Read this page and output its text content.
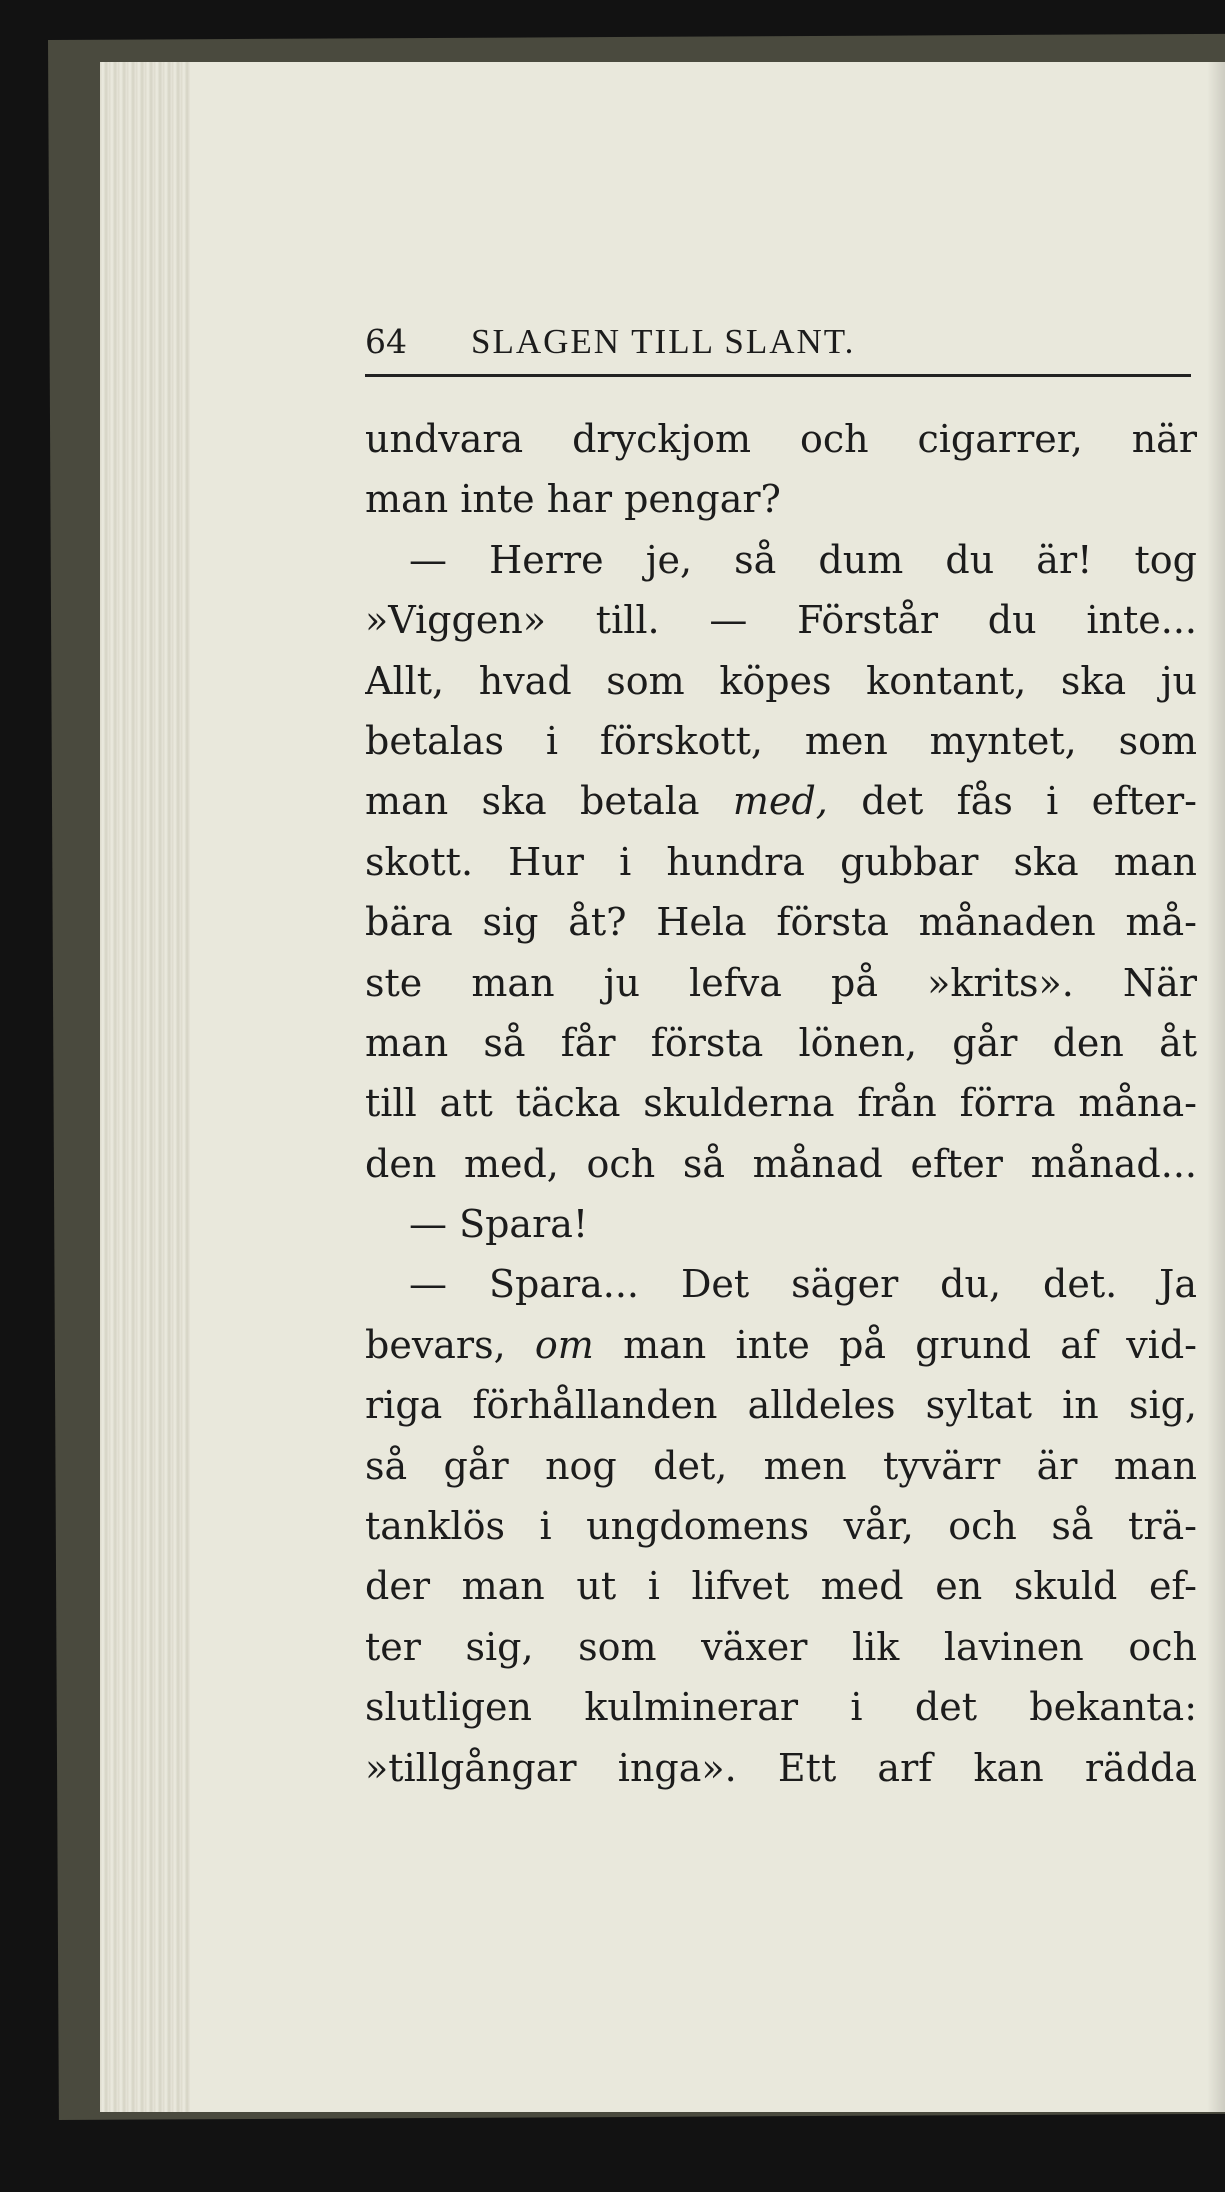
64	SLAGEN TILL SLANT.
undvara dryckjom och cigarrer, när
man inte har pengar?
— Herre je, så dum du är! tog
»Viggen» till. — Förstår du inte...
Allt, hvad som köpes kontant, ska ju
betalas i förskott, men myntet, som
man ska betala med, det fås i efter-
skott. Hur i hundra gubbar ska man
bära sig åt? Hela första månaden må-
ste man ju lefva på »krits». När
man så får första lönen, går den åt
till att täcka skulderna från förra måna-
den med, och så månad efter månad...
— Spara!
— Spara... Det säger du, det. Ja
bevars, om man inte på grund af vid-
riga förhållanden alldeles syltat in sig,
så går nog det, men tyvärr är man
tanklös i ungdomens vår, och så trä-
der man ut i lifvet med en skuld ef-
ter sig, som växer lik lavinen och
slutligen kulminerar i det bekanta:
»tillgångar inga». Ett arf kan rädda
